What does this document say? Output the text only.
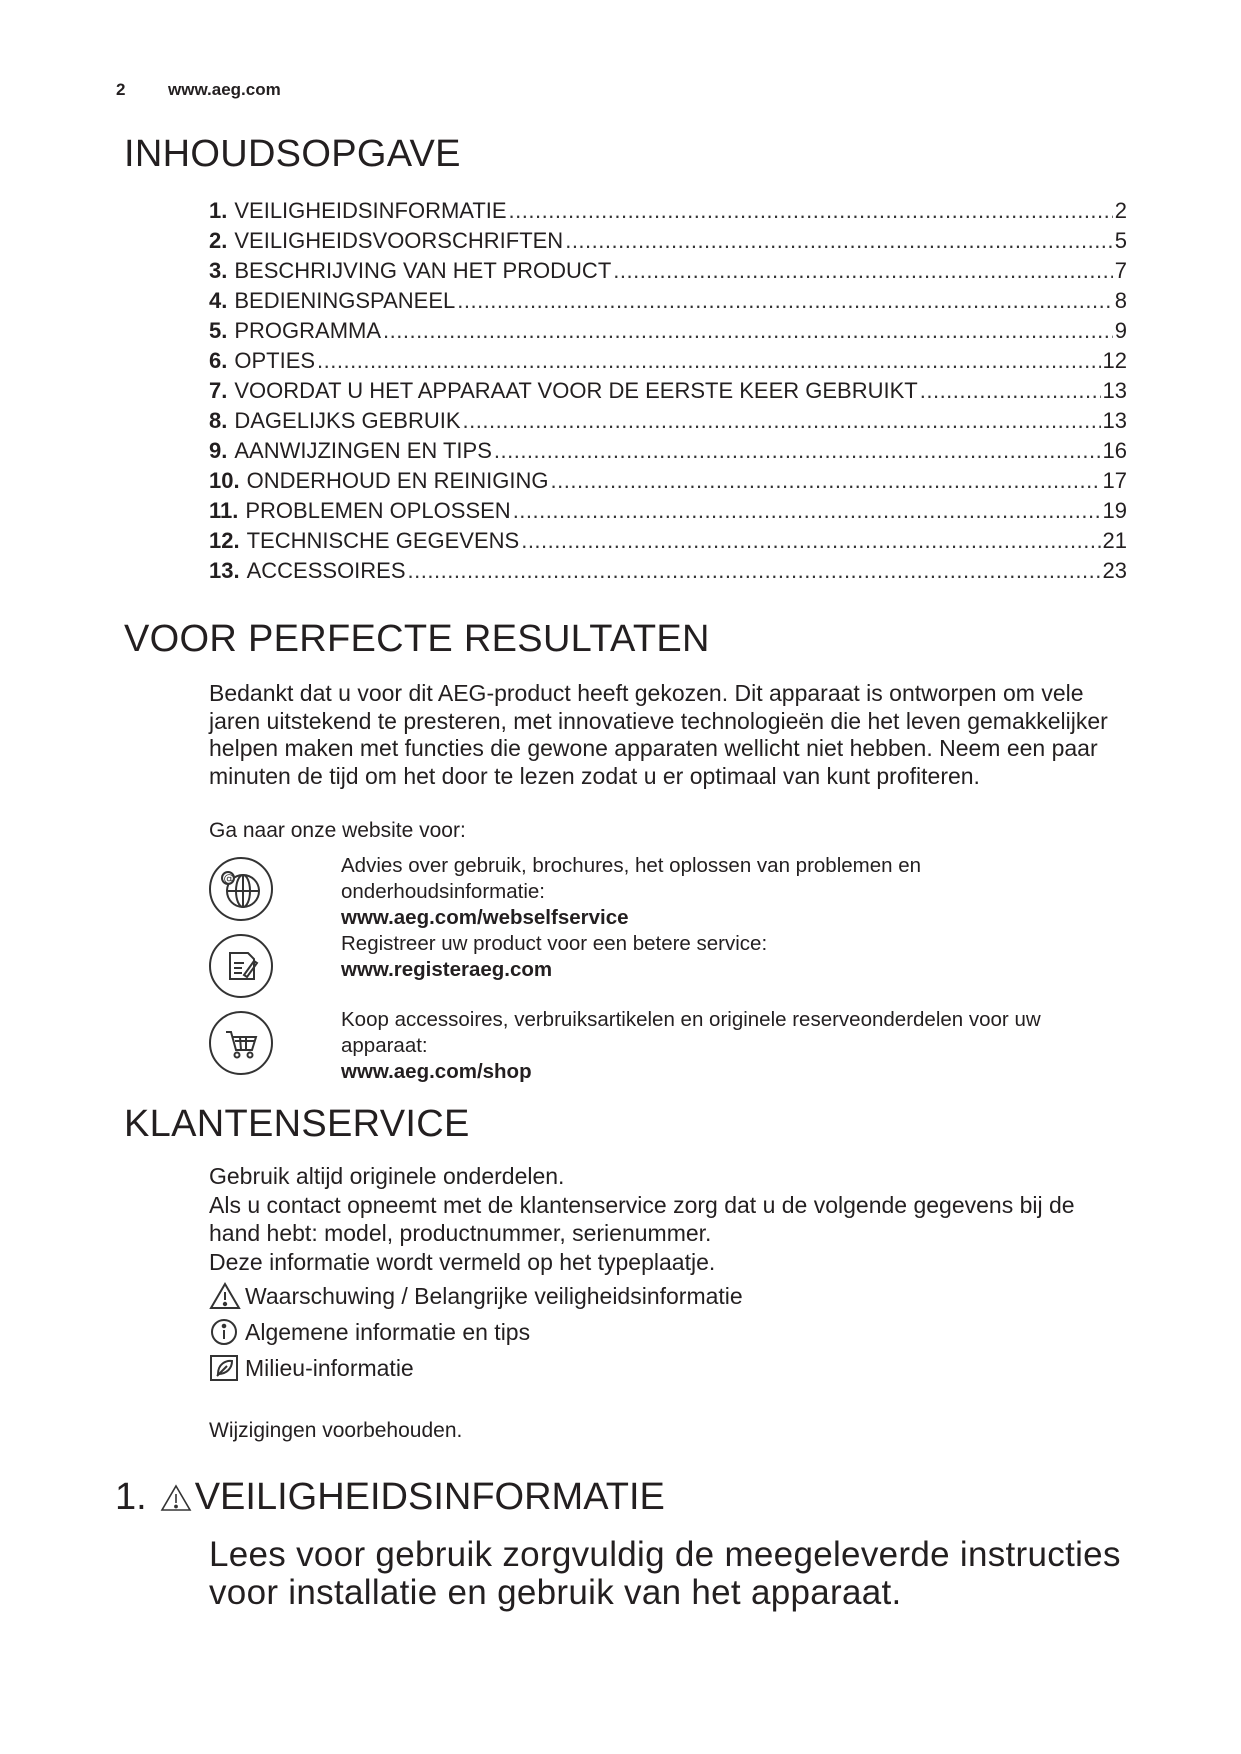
2	www.aeg.com
INHOUDSOPGAVE
1. VEILIGHEIDSINFORMATIE .....	2
2. VEILIGHEIDSVOORSCHRIFTEN .....	5
3. BESCHRIJVING VAN HET PRODUCT .....	7
4. BEDIENINGSPANEEL .....	8
5. PROGRAMMA .....	9
6. OPTIES .....	12
7. VOORDAT U HET APPARAAT VOOR DE EERSTE KEER GEBRUIKT .....	13
8. DAGELIJKS GEBRUIK .....	13
9. AANWIJZINGEN EN TIPS .....	16
10. ONDERHOUD EN REINIGING .....	17
11. PROBLEMEN OPLOSSEN .....	19
12. TECHNISCHE GEGEVENS .....	21
13. ACCESSOIRES .....	23
VOOR PERFECTE RESULTATEN
Bedankt dat u voor dit AEG-product heeft gekozen. Dit apparaat is ontworpen om vele jaren uitstekend te presteren, met innovatieve technologieën die het leven gemakkelijker helpen maken met functies die gewone apparaten wellicht niet hebben. Neem een paar minuten de tijd om het door te lezen zodat u er optimaal van kunt profiteren.
Ga naar onze website voor:
@
Advies over gebruik, brochures, het oplossen van problemen en onderhoudsinformatie:
www.aeg.com/webselfservice
Registreer uw product voor een betere service:
www.registeraeg.com
Koop accessoires, verbruiksartikelen en originele reserveonderdelen voor uw apparaat:
www.aeg.com/shop
KLANTENSERVICE
Gebruik altijd originele onderdelen.
Als u contact opneemt met de klantenservice zorg dat u de volgende gegevens bij de hand hebt: model, productnummer, serienummer.
Deze informatie wordt vermeld op het typeplaatje.
Waarschuwing / Belangrijke veiligheidsinformatie
Algemene informatie en tips
Milieu-informatie
Wijzigingen voorbehouden.
1. VEILIGHEIDSINFORMATIE
Lees voor gebruik zorgvuldig de meegeleverde instructies voor installatie en gebruik van het apparaat.
